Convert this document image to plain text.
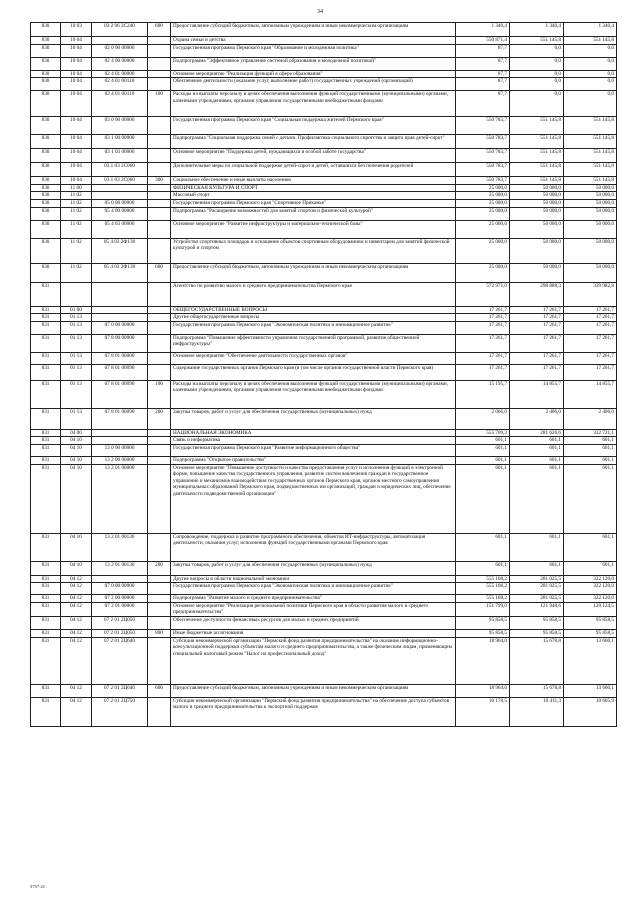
34
830	10 03	03 2 06 2С240	600	Предоставление субсидий бюджетным, автономным учреждениям и иным некоммерческим организациям	1 340,4	1 340,4	1 340,4
830	10 04			Охрана семьи и детства	550 871,4	551 145,8	551 145,8
830	10 04	02 0 00 00000		Государственная программа Пермского края "Образование и молодежная политика"	87,7	0,0	0,0
830	10 04	02 4 00 00000		Подпрограмма "Эффективное управление системой образования и молодежной политикой"	87,7	0,0	0,0
830	10 04	02 4 01 00000		Основное мероприятие "Реализация функций в сфере образования"	87,7	0,0	0,0
830	10 04	02 4 01 00110		Обеспечение деятельности (оказание услуг, выполнение работ) государственных учреждений (организаций)	87,7	0,0	0,0
830	10 04	02 4 01 00110	100	Расходы на выплаты персоналу в целях обеспечения выполнения функций государственными (муниципальными) органами, казенными учреждениями, органами управления государственными внебюджетными фондами	87,7	0,0	0,0
830	10 04	03 0 00 00000		Государственная программа Пермского края "Социальная поддержка жителей Пермского края"	550 783,7	551 145,8	551 145,8
830	10 04	03 1 00 00000		Подпрограмма "Социальная поддержка семей с детьми. Профилактика социального сиротства и защита прав детей-сирот"	550 783,7	551 145,8	551 145,8
830	10 04	03 1 03 00000		Основное мероприятие "Поддержка детей, нуждающихся в особой заботе государства"	550 783,7	551 145,8	551 145,8
830	10 04	03 1 03 2С060		Дополнительные меры по социальной поддержке детей-сирот и детей, оставшихся без попечения родителей	550 783,7	551 145,8	551 145,8
830	10 04	03 1 03 2С060	300	Социальное обеспечение и иные выплаты населению	550 783,7	551 145,8	551 145,8
830	11 00			ФИЗИЧЕСКАЯ КУЛЬТУРА И СПОРТ	25 000,0	50 000,0	50 000,0
830	11 02			Массовый спорт	25 000,0	50 000,0	50 000,0
830	11 02	05 0 00 00000		Государственная программа Пермского края "Спортивное Прикамье"	25 000,0	50 000,0	50 000,0
830	11 02	05 4 00 00000		Подпрограмма "Расширение возможностей для занятий спортом и физической культурой"	25 000,0	50 000,0	50 000,0
830	11 02	05 4 03 00000		Основное мероприятие "Развитие инфраструктуры и материально-технической базы"	25 000,0	50 000,0	50 000,0
830	11 02	05 4 03 2Ф130		Устройство спортивных площадок и оснащение объектов спортивным оборудованием и инвентарем для занятий физической культурой и спортом	25 000,0	50 000,0	50 000,0
830	11 02	05 4 03 2Ф130	600	Предоставление субсидий бюджетным, автономным учреждениям и иным некоммерческим организациям	25 000,0	50 000,0	50 000,0
831				Агентство по развитию малого и среднего предпринимательства Пермского края	572 971,0	298 888,3	339 982,8
831	01 00			ОБЩЕГОСУДАРСТВЕННЫЕ ВОПРОСЫ	17 261,7	17 261,7	17 261,7
831	01 13			Другие общегосударственные вопросы	17 261,7	17 261,7	17 261,7
831	01 13	07 0 00 00000		Государственная программа Пермского края "Экономическая политика и инновационное развитие"	17 261,7	17 261,7	17 261,7
831	01 13	07 8 00 00000		Подпрограмма "Повышение эффективности управления государственной программой, развитие общественной инфраструктуры"	17 261,7	17 261,7	17 261,7
831	01 13	07 8 01 00000		Основное мероприятие "Обеспечение деятельности государственных органов"	17 261,7	17 261,7	17 261,7
831	01 13	07 8 01 00090		Содержание государственных органов Пермского края (в том числе органов государственной власти Пермского края)	17 261,7	17 261,7	17 261,7
831	01 13	07 8 01 00090	100	Расходы на выплаты персоналу в целях обеспечения выполнения функций государственными (муниципальными) органами, казенными учреждениями, органами управления государственными внебюджетными фондами	15 195,7	14 855,7	14 855,7
831	01 13	07 8 01 00090	200	Закупка товаров, работ и услуг для обеспечения государственных (муниципальных) нужд	2 066,0	2 406,0	2 406,0
831	04 00			НАЦИОНАЛЬНАЯ ЭКОНОМИКА	555 709,3	281 626,6	322 721,1
831	04 10			Связь и информатика	601,1	601,1	601,1
831	04 10	13 0 00 00000		Государственная программа Пермского края "Развитие информационного общества"	601,1	601,1	601,1
831	04 10	13 2 00 00000		Подпрограмма "Открытое правительство"	601,1	601,1	601,1
831	04 10	13 2 01 00000		Основное мероприятие "Повышение доступности и качества предоставления услуг и исполнения функций в электронной форме, повышение качества государственного управления, развитие систем вовлечения граждан в государственное управление и механизмов взаимодействия государственных органов Пермского края, органов местного самоуправления муниципальных образований Пермского края, подведомственных им организаций, граждан и юридических лиц, обеспечение деятельности подведомственной организации"	601,1	601,1	601,1
831	04 10	13 2 01 00130		Сопровождение, поддержка и развитие программного обеспечения, объектов ИТ-инфраструктуры, автоматизация деятельности, оказания услуг, исполнения функций государственными органами Пермского края	601,1	601,1	601,1
831	04 10	13 2 01 00130	200	Закупка товаров, работ и услуг для обеспечения государственных (муниципальных) нужд	601,1	601,1	601,1
831	04 12			Другие вопросы в области национальной экономики	555 108,2	281 025,5	322 120,0
831	04 12	07 0 00 00000		Государственная программа Пермского края "Экономическая политика и инновационное развитие"	555 108,2	281 025,5	322 120,0
831	04 12	07 2 00 00000		Подпрограмма "Развитие малого и среднего предпринимательства"	555 108,2	281 025,5	322 120,0
831	04 12	07 2 01 00000		Основное мероприятие "Реализация региональной политики Пермского края в области развития малого и среднего предпринимательства"	151 799,0	121 948,6	120 124,5
831	04 12	07 2 01 2Ц050		Обеспечение доступности финансовых ресурсов для малых и средних предприятий	95 858,5	95 858,5	95 858,5
831	04 12	07 2 01 2Ц050	800	Иные бюджетные ассигнования	95 858,5	95 858,5	95 858,5
831	04 12	07 2 01 2Ц640		Субсидия некоммерческой организации "Пермский фонд развития предпринимательства" на оказание информационно-консультационной поддержки субъектам малого и среднего предпринимательства, а также физическим лицам, применяющим специальный налоговый режим "Налог на профессиональный доход"	18 964,0	15 678,8	13 660,1
831	04 12	07 2 01 2Ц640	600	Предоставление субсидий бюджетным, автономным учреждениям и иным некоммерческим организациям	18 964,0	15 678,8	13 660,1
831	04 12	07 2 01 2Ц750		Субсидия некоммерческой организации "Пермский фонд развития предпринимательства" на обеспечение доступа субъектов малого и среднего предпринимательства к экспортной поддержке	10 178,5	10 411,3	10 605,9
3757-21
